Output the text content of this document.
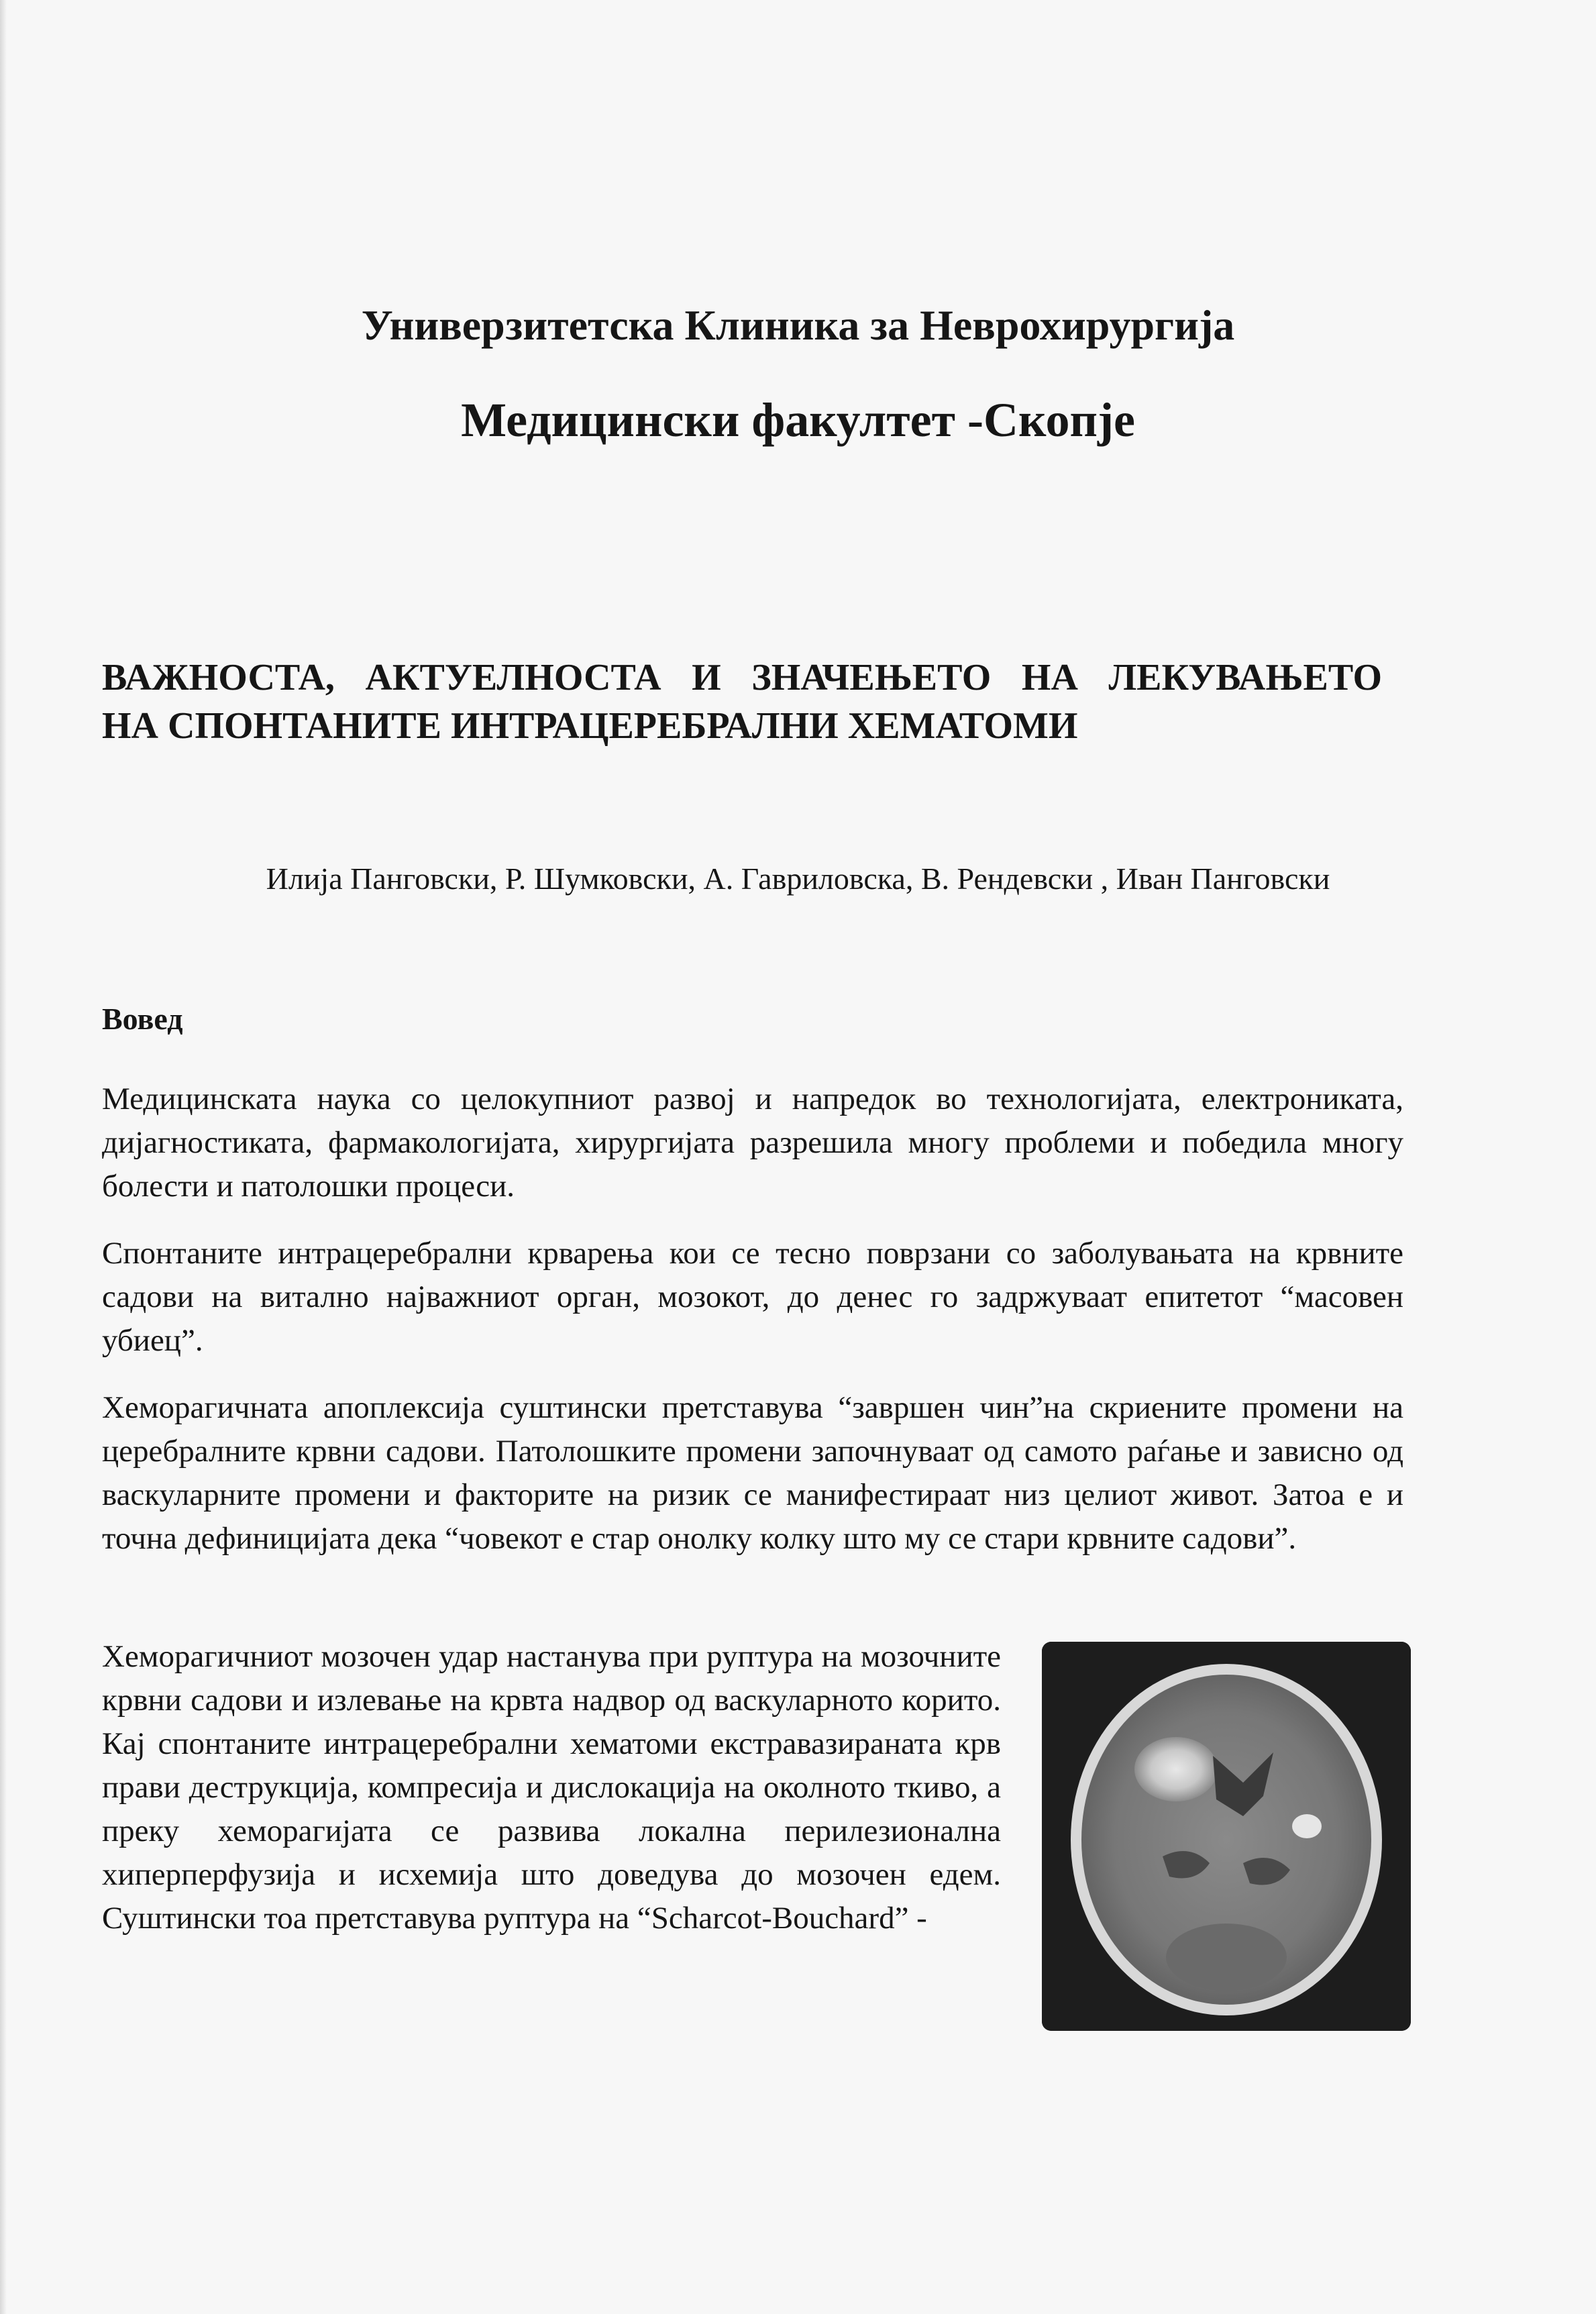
Универзитетска Клиника за Неврохирургија
Медицински факултет -Скопје
ВАЖНОСТА, АКТУЕЛНОСТА И ЗНАЧЕЊЕТО НА ЛЕКУВАЊЕТО
НА СПОНТАНИТЕ ИНТРАЦЕРЕБРАЛНИ ХЕМАТОМИ

Илија Панговски, Р. Шумковски, А. Гавриловска, В. Рендевски , Иван Панговски

Вовед

Медицинската наука со целокупниот развој и напредок во технологијата, електрониката, дијагностиката, фармакологијата, хирургијата разрешила многу проблеми и победила многу болести и патолошки процеси.

Спонтаните интрацеребрални крварења кои се тесно поврзани со заболувањата на крвните садови на витално најважниот орган, мозокот, до денес го задржуваат епитетот “масовен убиец”.

Хеморагичната апоплексија суштински претставува “завршен чин”на скриените промени на церебралните крвни садови. Патолошките промени започнуваат од самото раѓање и зависно од васкуларните промени и факторите на ризик се манифестираат низ целиот живот. Затоа е и точна дефиницијата дека “човекот е стар онолку колку што му се стари крвните садови”.

Хеморагичниот мозочен удар настанува при руптура на мозочните крвни садови и излевање на крвта надвор од васкуларното корито. Кај спонтаните интрацеребрални хематоми екстравазираната крв прави деструкција, компресија и дислокација на околното ткиво, а преку хеморагијата се развива локална перилезионална хиперперфузија и исхемија што доведува до мозочен едем. Суштински тоа претставува руптура на “Scharcot-Bouchard” -
